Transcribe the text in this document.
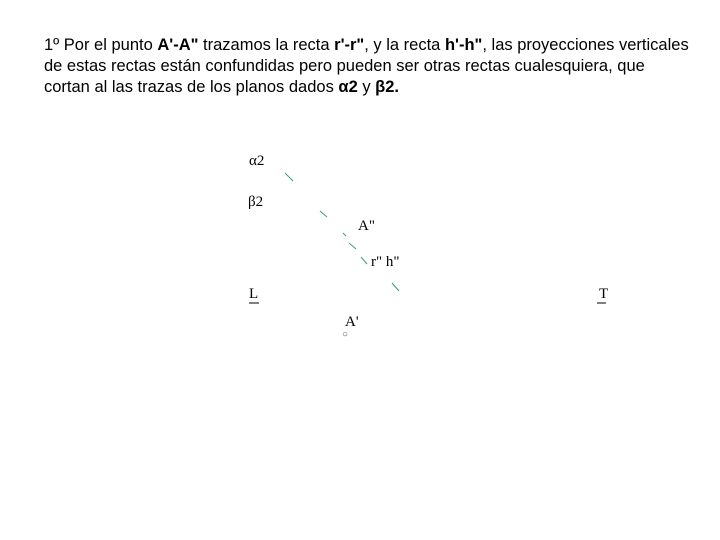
1º Por el punto A'-A" trazamos la recta r'-r", y la recta h'-h", las proyecciones verticales de estas rectas están confundidas pero pueden ser otras rectas cualesquiera, que cortan al las trazas de los planos dados α2 y β2.

○
α2
β2
A"
r" h"
L	T
A'
